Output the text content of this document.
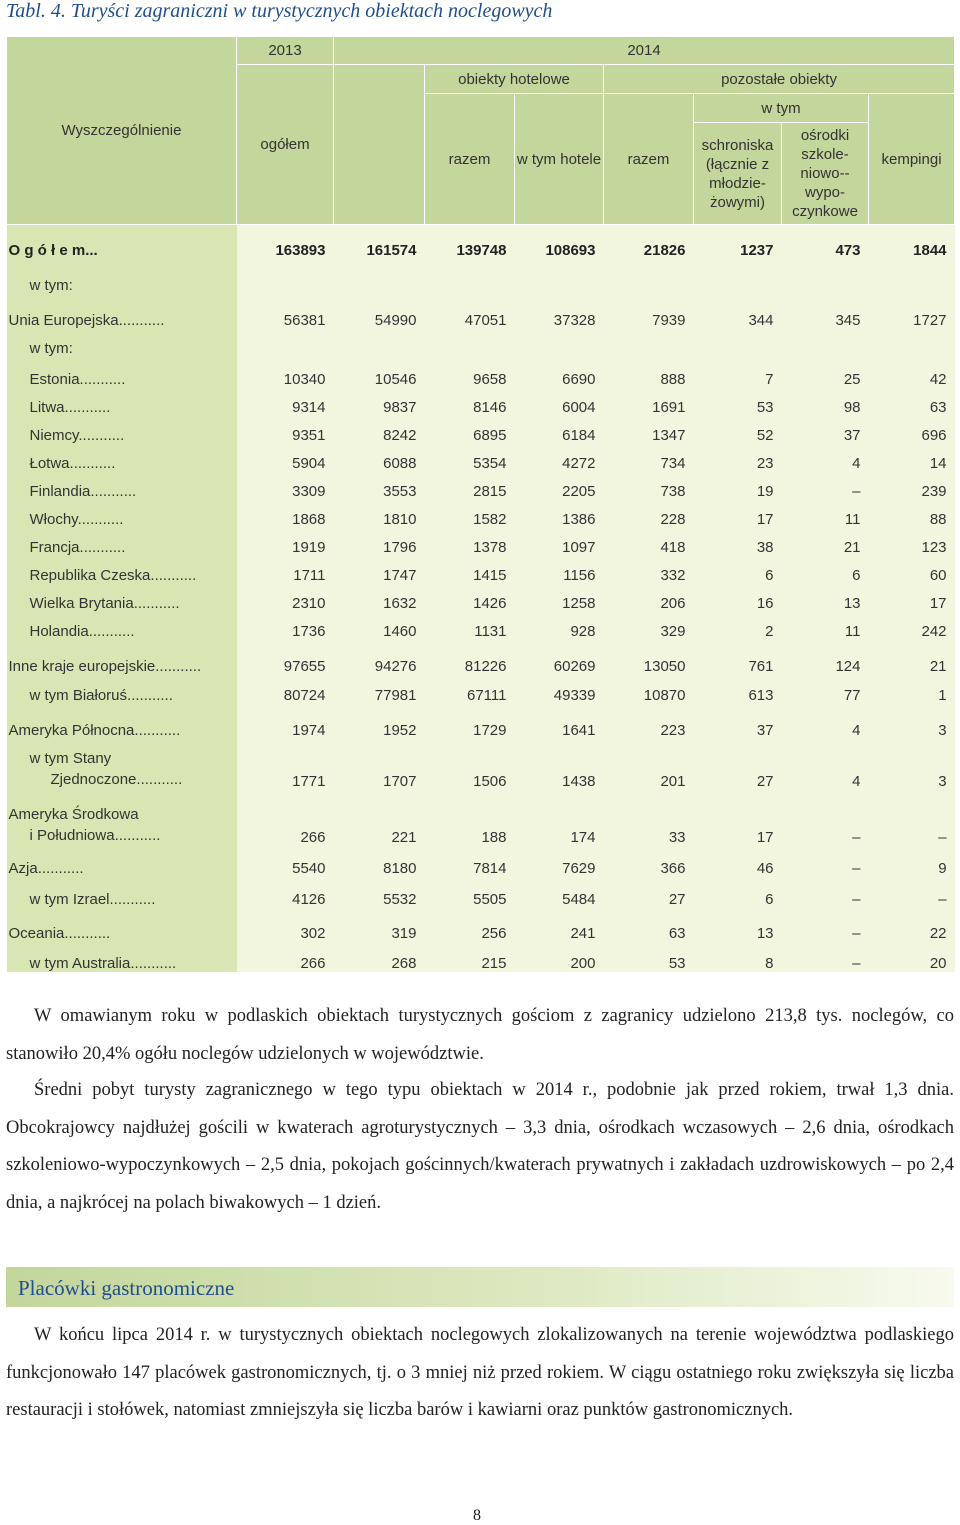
Tabl. 4. Turyści zagraniczni w turystycznych obiektach noclegowych
Wyszczególnienie	2013	2014						
	ogółem		obiekty hotelowe		pozostałe obiekty			
			razem	w tym hotele	razem	w tym		kempingi
						schroniska (łącznie z młodzie-żowymi)	ośrodki szkole-niowo--wypo-czynkowe	

O g ó ł e m...	163893	161574	139748	108693	21826	1237	473	1844
w tym:								
Unia Europejska...........	56381	54990	47051	37328	7939	344	345	1727
w tym:								
Estonia...........	10340	10546	9658	6690	888	7	25	42
Litwa...........	9314	9837	8146	6004	1691	53	98	63
Niemcy...........	9351	8242	6895	6184	1347	52	37	696
Łotwa...........	5904	6088	5354	4272	734	23	4	14
Finlandia...........	3309	3553	2815	2205	738	19	–	239
Włochy...........	1868	1810	1582	1386	228	17	11	88
Francja...........	1919	1796	1378	1097	418	38	21	123
Republika Czeska...........	1711	1747	1415	1156	332	6	6	60
Wielka Brytania...........	2310	1632	1426	1258	206	16	13	17
Holandia...........	1736	1460	1131	928	329	2	11	242
Inne kraje europejskie...........	97655	94276	81226	60269	13050	761	124	21
w tym Białoruś...........	80724	77981	67111	49339	10870	613	77	1
Ameryka Północna...........	1974	1952	1729	1641	223	37	4	3

w tym Stany
Zjednoczone...........	1771	1707	1506	1438	201	27	4	3

Ameryka Środkowa
i Południowa...........	266	221	188	174	33	17	–	–
Azja...........	5540	8180	7814	7629	366	46	–	9
w tym Izrael...........	4126	5532	5505	5484	27	6	–	–
Oceania...........	302	319	256	241	63	13	–	22
w tym Australia...........	266	268	215	200	53	8	–	20
W omawianym roku w podlaskich obiektach turystycznych gościom z zagranicy udzielono 213,8 tys. noclegów, co stanowiło 20,4% ogółu noclegów udzielonych w województwie.
Średni pobyt turysty zagranicznego w tego typu obiektach w 2014 r., podobnie jak przed rokiem, trwał 1,3 dnia. Obcokrajowcy najdłużej gościli w kwaterach agroturystycznych – 3,3 dnia, ośrodkach wczasowych – 2,6 dnia, ośrodkach szkoleniowo-wypoczynkowych – 2,5 dnia, pokojach gościnnych/kwaterach prywatnych i zakładach uzdrowiskowych – po 2,4 dnia, a najkrócej na polach biwakowych – 1 dzień.
Placówki gastronomiczne
W końcu lipca 2014 r. w turystycznych obiektach noclegowych zlokalizowanych na terenie województwa podlaskiego funkcjonowało 147 placówek gastronomicznych, tj. o 3 mniej niż przed rokiem. W ciągu ostatniego roku zwiększyła się liczba restauracji i stołówek, natomiast zmniejszyła się liczba barów i kawiarni oraz punktów gastronomicznych.
8
